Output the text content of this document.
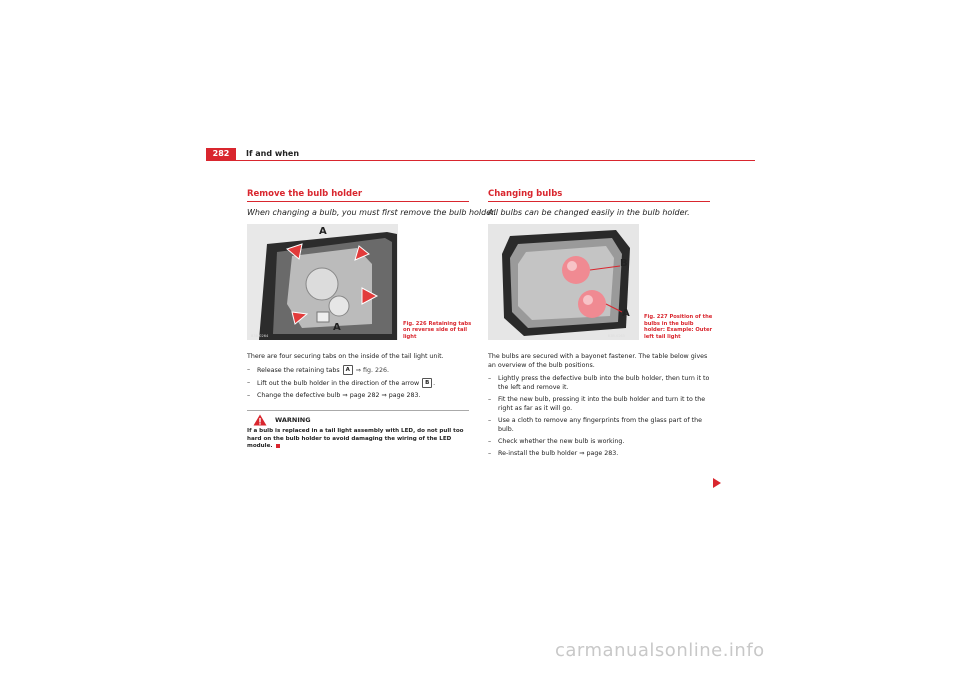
282	If and when
Remove the bulb holder
When changing a bulb, you must first remove the bulb holder.
A
A
B3B-0264
Fig. 226 Retaining tabs on reverse side of tail light

There are four securing tabs on the inside of the tail light unit.

– Release the retaining tabs A ⇒ fig. 226.
– Lift out the bulb holder in the direction of the arrow B .
– Change the defective bulb ⇒ page 282 ⇒ page 283.
WARNING
If a bulb is replaced in a tail light assembly with LED, do not pull too hard on the bulb holder to avoid damaging the wiring of the LED module.
Changing bulbs
All bulbs can be changed easily in the bulb holder.
B
A
B3B-0265
Fig. 227 Position of the bulbs in the bulb holder: Example: Outer left tail light

The bulbs are secured with a bayonet fastener. The table below gives an overview of the bulb positions.

– Lightly press the defective bulb into the bulb holder, then turn it to the left and remove it.
– Fit the new bulb, pressing it into the bulb holder and turn it to the right as far as it will go.
– Use a cloth to remove any fingerprints from the glass part of the bulb.
– Check whether the new bulb is working.
– Re-install the bulb holder ⇒ page 283.
carmanualsonline.info
